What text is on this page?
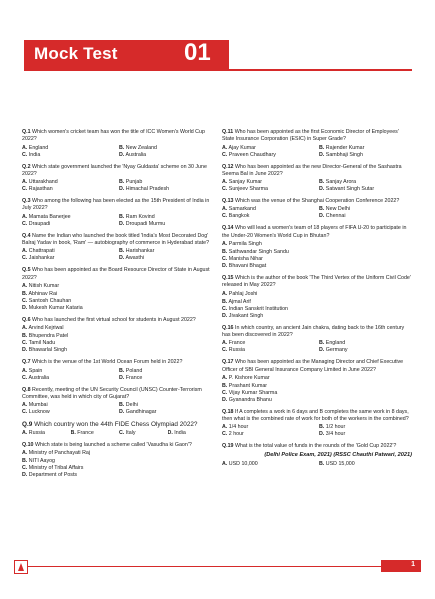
Mock Test	01
Q.1 Which women's cricket team has won the title of ICC Women's World Cup 2022?
A. England	B. New Zealand
C. India	D. Australia
Q.2 Which state government launched the 'Nyay Guldasta' scheme on 30 June 2022?
A. Uttarakhand	B. Punjab
C. Rajasthan	D. Himachal Pradesh
Q.3 Who among the following has been elected as the 15th President of India in July 2022?
A. Mamata Banerjee	B. Ram Kovind
C. Draupadi	D. Droupadi Murmu
Q.4 Name the Indian who launched the book titled 'India's Most Decorated Dog' Balraj Yadav in book, 'Ram' — autobiography of commerce in Hyderabad state?
A. Chattrapati	B. Harishankar
C. Jaishankar	D. Awasthi
Q.5 Who has been appointed as the Board Resource Director of State in August 2022?
A. Nitish Kumar
B. Abhinav Rai
C. Santosh Chauhan
D. Mukesh Kumar Kataria
Q.6 Who has launched the first virtual school for students in August 2022?
A. Arvind Kejriwal
B. Bhupendra Patel
C. Tamil Nadu
D. Bhawarlal Singh
Q.7 Which is the venue of the 1st World Ocean Forum held in 2022?
A. Spain	B. Poland
C. Australia	D. France
Q.8 Recently, meeting of the UN Security Council (UNSC) Counter-Terrorism Committee, was held in which city of Gujarat?
A. Mumbai	B. Delhi
C. Lucknow	D. Gandhinagar
Q.9 Which country won the 44th FIDE Chess Olympiad 2022?
A. Russia	B. France	C. Italy	D. India
Q.10 Which state is being launched a scheme called 'Vasudha ki Gaon'?
A. Ministry of Panchayati Raj
B. NITI Aayog
C. Ministry of Tribal Affairs
D. Department of Posts
Q.11 Who has been appointed as the first Economic Director of Employees' State Insurance Corporation (ESIC) in Super Grade?
A. Ajay Kumar	B. Rajender Kumar
C. Praveen Chaudhary	D. Sambhaji Singh
Q.12 Who has been appointed as the new Director-General of the Sashastra Seema Bal in June 2022?
A. Sanjay Kumar	B. Sanjay Arora
C. Sunjeev Sharma	D. Satwant Singh Sutar
Q.13 Which was the venue of the Shanghai Cooperation Conference 2022?
A. Samarkand	B. New Delhi
C. Bangkok	D. Chennai
Q.14 Who will lead a women's team of 18 players of FIFA U-20 to participate in the Under-20 Women's World Cup in Bhutan?
A. Parmila Singh
B. Sathwandar Singh Sandu
C. Manisha Nihar
D. Bhavani Bhagat
Q.15 Which is the author of the book 'The Third Vertex of the Uniform Civil Code' released in May 2022?
A. Pahlaj Joshi
B. Ajmal Arif
C. Indian Sanskrit Institution
D. Jivakant Singh
Q.16 In which country, an ancient Jain chakra, dating back to the 16th century has been discovered in 2022?
A. France	B. England
C. Russia	D. Germany
Q.17 Who has been appointed as the Managing Director and Chief Executive Officer of SBI General Insurance Company Limited in June 2022?
A. P. Kishore Kumar
B. Prashant Kumar
C. Vijay Kumar Sharma
D. Gyanandra Bhanu
Q.18 If A completes a work in 6 days and B completes the same work in 8 days, then what is the combined rate of work for both of the workers in the combined?
A. 1/4 hour	B. 1/2 hour
C. 2 hour	D. 3/4 hour
Q.19 What is the total value of funds in the rounds of the 'Gold Cup 2022'?
(Delhi Police Exam, 2021) (RSSC Chauthi Patwari, 2021)
A. USD 10,000	B. USD 15,000
1
